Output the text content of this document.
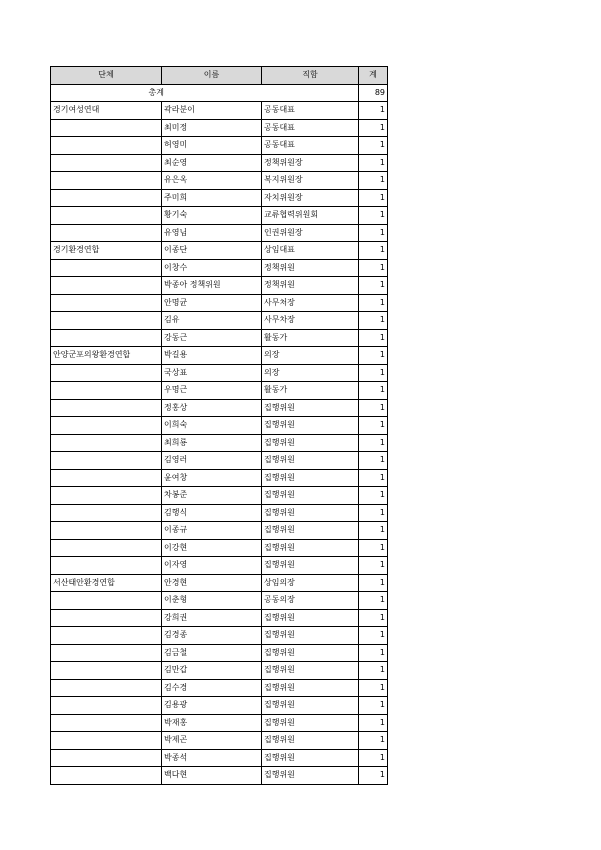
단체	이름	직함	계
총계			89
경기여성연대	곽라분이	공동대표	1
	최미정	공동대표	1
	허영미	공동대표	1
	최순영	정책위원장	1
	유은옥	복지위원장	1
	주미희	자치위원장	1
	황기숙	교류협력위원회	1
	유영님	인권위원장	1
경기환경연합	이종단	상임대표	1
	이창수	정책위원	1
	박종아 정책위원	정책위원	1
	안명균	사무처장	1
	김유	사무차장	1
	강동근	활동가	1
안양군포의왕환경연합	박길용	의장	1
	국상표	의장	1
	우명근	활동가	1
	정홍상	집행위원	1
	이희숙	집행위원	1
	최희룡	집행위원	1
	김영러	집행위원	1
	윤여창	집행위원	1
	차봉준	집행위원	1
	김행식	집행위원	1
	이종규	집행위원	1
	이강현	집행위원	1
	이자영	집행위원	1
서산태안환경연합	안경현	상임의장	1
	이춘형	공동의장	1
	강희권	집행위원	1
	김경종	집행위원	1
	김금철	집행위원	1
	김만갑	집행위원	1
	김수경	집행위원	1
	김용광	집행위원	1
	박재홍	집행위원	1
	박제곤	집행위원	1
	박종석	집행위원	1
	백다현	집행위원	1
